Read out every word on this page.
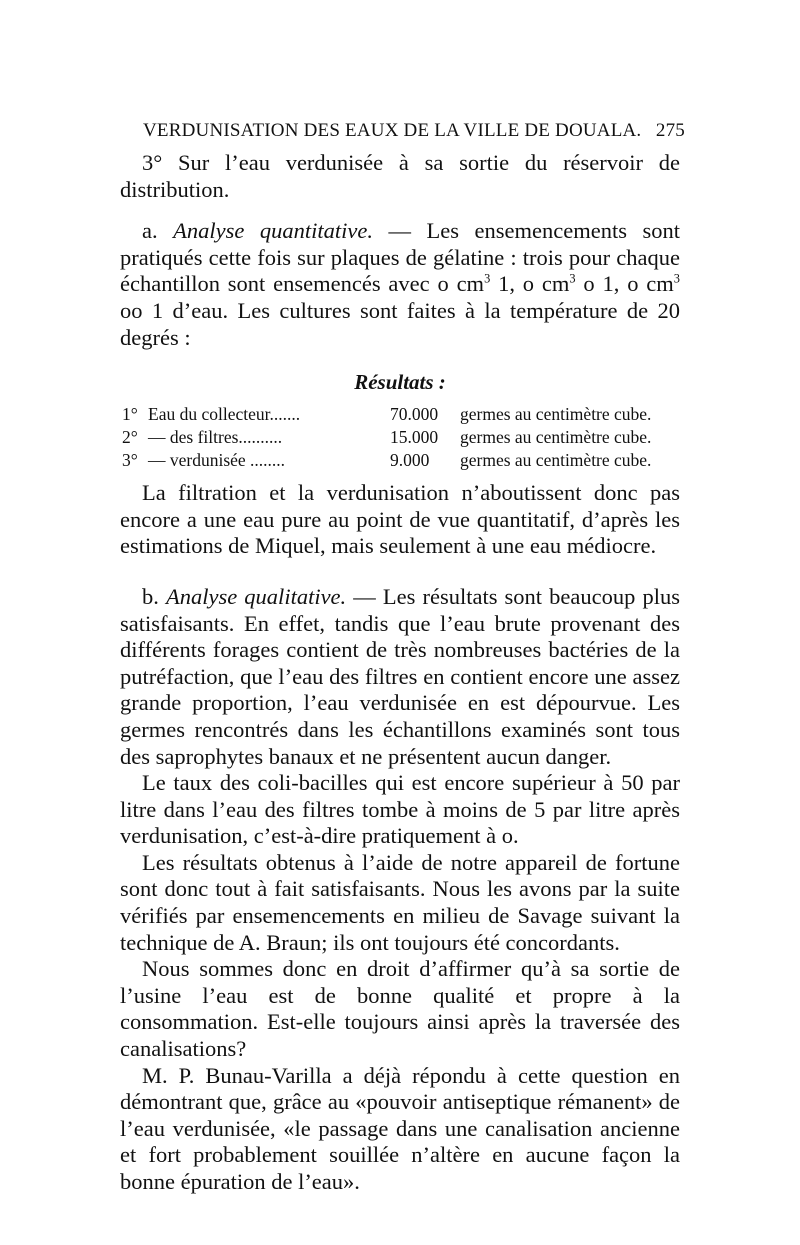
VERDUNISATION DES EAUX DE LA VILLE DE DOUALA. 275

3° Sur l’eau verdunisée à sa sortie du réservoir de distribution.

a. Analyse quantitative. — Les ensemencements sont pratiqués cette fois sur plaques de gélatine : trois pour chaque échantillon sont ensemencés avec o $cm^3$ 1, o $cm^3$ o 1, o $cm^3$ oo 1 d’eau. Les cultures sont faites à la température de 20 degrés :

Résultats :
1°	Eau du collecteur.......	70.000	germes au centimètre cube.
2°	— des filtres..........	15.000	germes au centimètre cube.
3°	— verdunisée ........	9.000	germes au centimètre cube.

La filtration et la verdunisation n’aboutissent donc pas encore a une eau pure au point de vue quantitatif, d’après les estimations de Miquel, mais seulement à une eau médiocre.

b. Analyse qualitative. — Les résultats sont beaucoup plus satisfaisants. En effet, tandis que l’eau brute provenant des différents forages contient de très nombreuses bactéries de la putréfaction, que l’eau des filtres en contient encore une assez grande proportion, l’eau verdunisée en est dépourvue. Les germes rencontrés dans les échantillons examinés sont tous des saprophytes banaux et ne présentent aucun danger.

Le taux des coli-bacilles qui est encore supérieur à 50 par litre dans l’eau des filtres tombe à moins de 5 par litre après verdunisation, c’est-à-dire pratiquement à o.

Les résultats obtenus à l’aide de notre appareil de fortune sont donc tout à fait satisfaisants. Nous les avons par la suite vérifiés par ensemencements en milieu de Savage suivant la technique de A. Braun; ils ont toujours été concordants.

Nous sommes donc en droit d’affirmer qu’à sa sortie de l’usine l’eau est de bonne qualité et propre à la consommation. Est-elle toujours ainsi après la traversée des canalisations?

M. P. Bunau-Varilla a déjà répondu à cette question en démontrant que, grâce au «pouvoir antiseptique rémanent» de l’eau verdunisée, «le passage dans une canalisation ancienne et fort probablement souillée n’altère en aucune façon la bonne épuration de l’eau».
